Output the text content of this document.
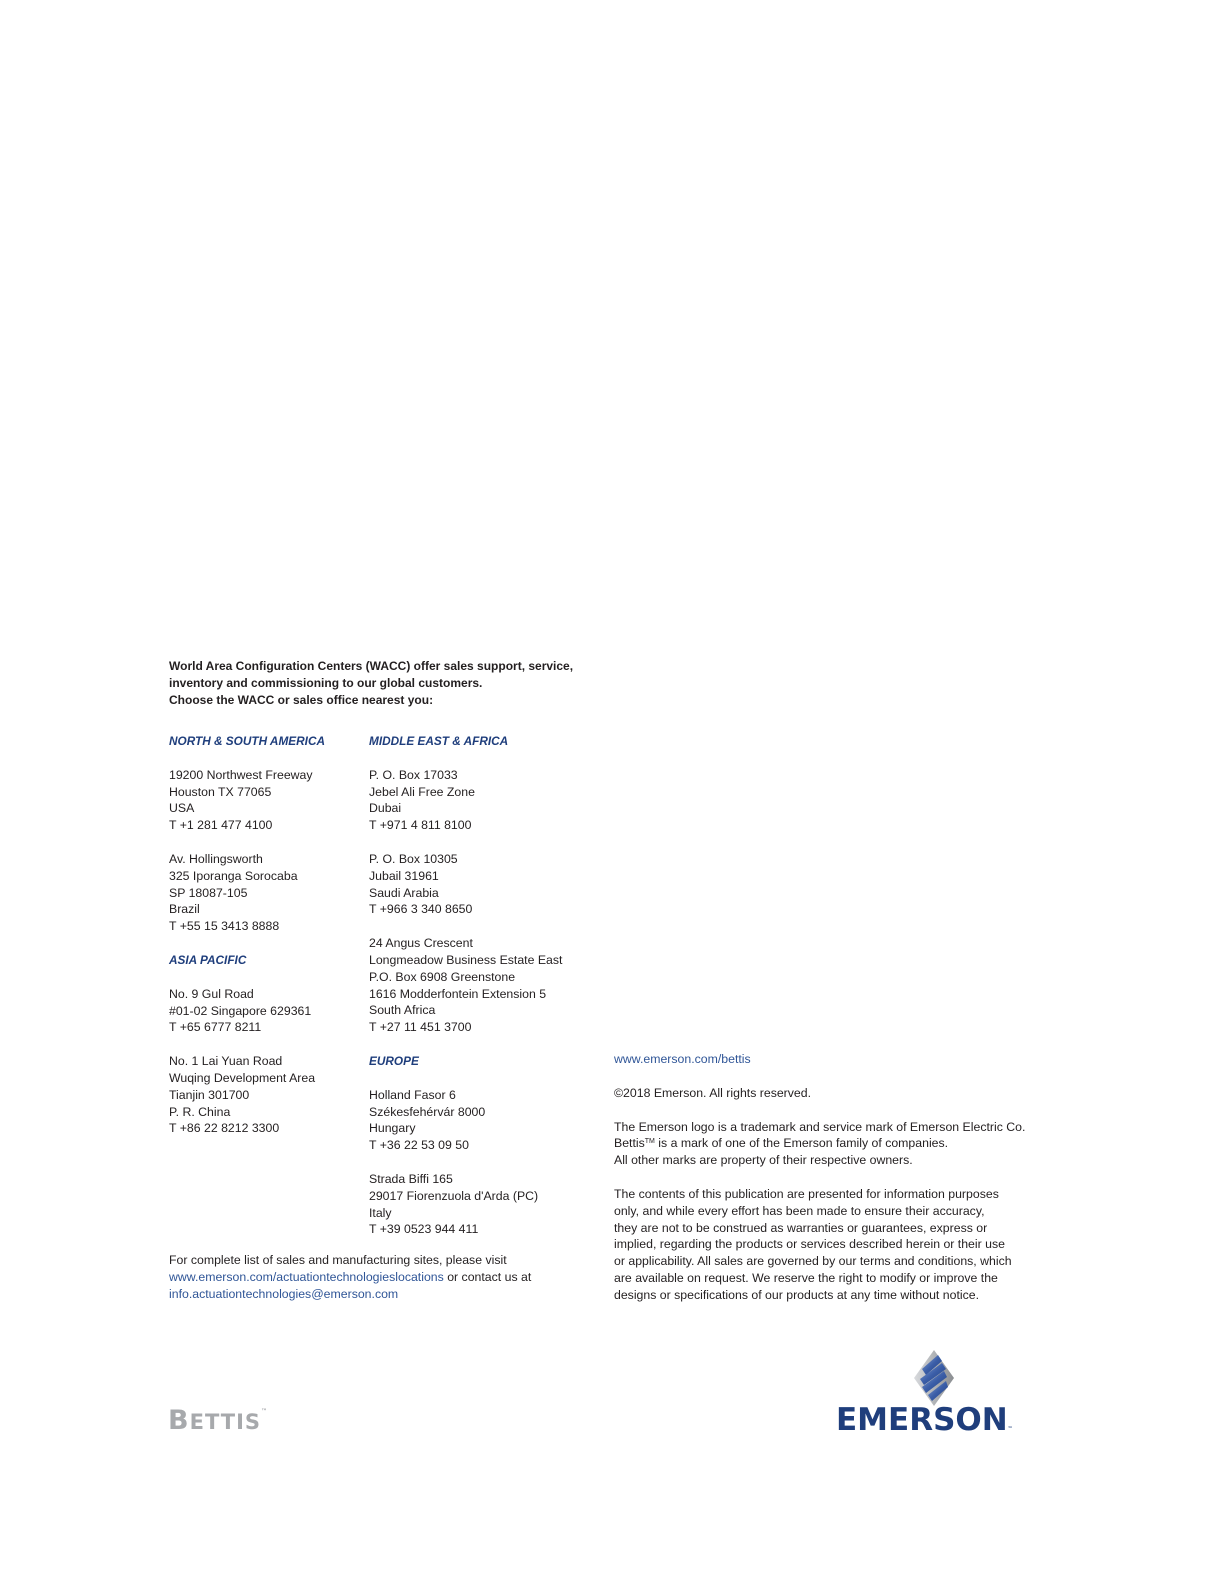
World Area Configuration Centers (WACC) offer sales support, service,
inventory and commissioning to our global customers.
Choose the WACC or sales office nearest you:
NORTH & SOUTH AMERICA
19200 Northwest Freeway
Houston TX 77065
USA
T +1 281 477 4100
Av. Hollingsworth
325 Iporanga Sorocaba
SP 18087-105
Brazil
T +55 15 3413 8888
ASIA PACIFIC
No. 9 Gul Road
#01-02 Singapore 629361
T +65 6777 8211
No. 1 Lai Yuan Road
Wuqing Development Area
Tianjin 301700
P. R. China
T +86 22 8212 3300
MIDDLE EAST & AFRICA
P. O. Box 17033
Jebel Ali Free Zone
Dubai
T +971 4 811 8100
P. O. Box 10305
Jubail 31961
Saudi Arabia
T +966 3 340 8650
24 Angus Crescent
Longmeadow Business Estate East
P.O. Box 6908 Greenstone
1616 Modderfontein Extension 5
South Africa
T +27 11 451 3700
EUROPE
Holland Fasor 6
Székesfehérvár 8000
Hungary
T +36 22 53 09 50
Strada Biffi 165
29017 Fiorenzuola d'Arda (PC)
Italy
T +39 0523 944 411
For complete list of sales and manufacturing sites, please visit
www.emerson.com/actuationtechnologieslocations or contact us at
info.actuationtechnologies@emerson.com
www.emerson.com/bettis
©2018 Emerson. All rights reserved.
The Emerson logo is a trademark and service mark of Emerson Electric Co.
Bettis™ is a mark of one of the Emerson family of companies.
All other marks are property of their respective owners.
The contents of this publication are presented for information purposes
only, and while every effort has been made to ensure their accuracy,
they are not to be construed as warranties or guarantees, express or
implied, regarding the products or services described herein or their use
or applicability. All sales are governed by our terms and conditions, which
are available on request. We reserve the right to modify or improve the
designs or specifications of our products at any time without notice.
BETTIS™	EMERSON™
